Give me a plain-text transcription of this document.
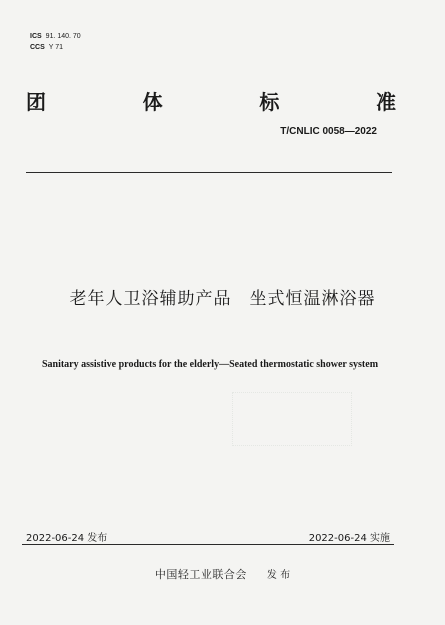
ICS 91. 140. 70
CCS Y 71
团	体	标	准
T/CNLIC 0058—2022
老年人卫浴辅助产品　坐式恒温淋浴器
Sanitary assistive products for the elderly—Seated thermostatic shower system
2022-06-24 发布	2022-06-24 实施
中国轻工业联合会 发 布
